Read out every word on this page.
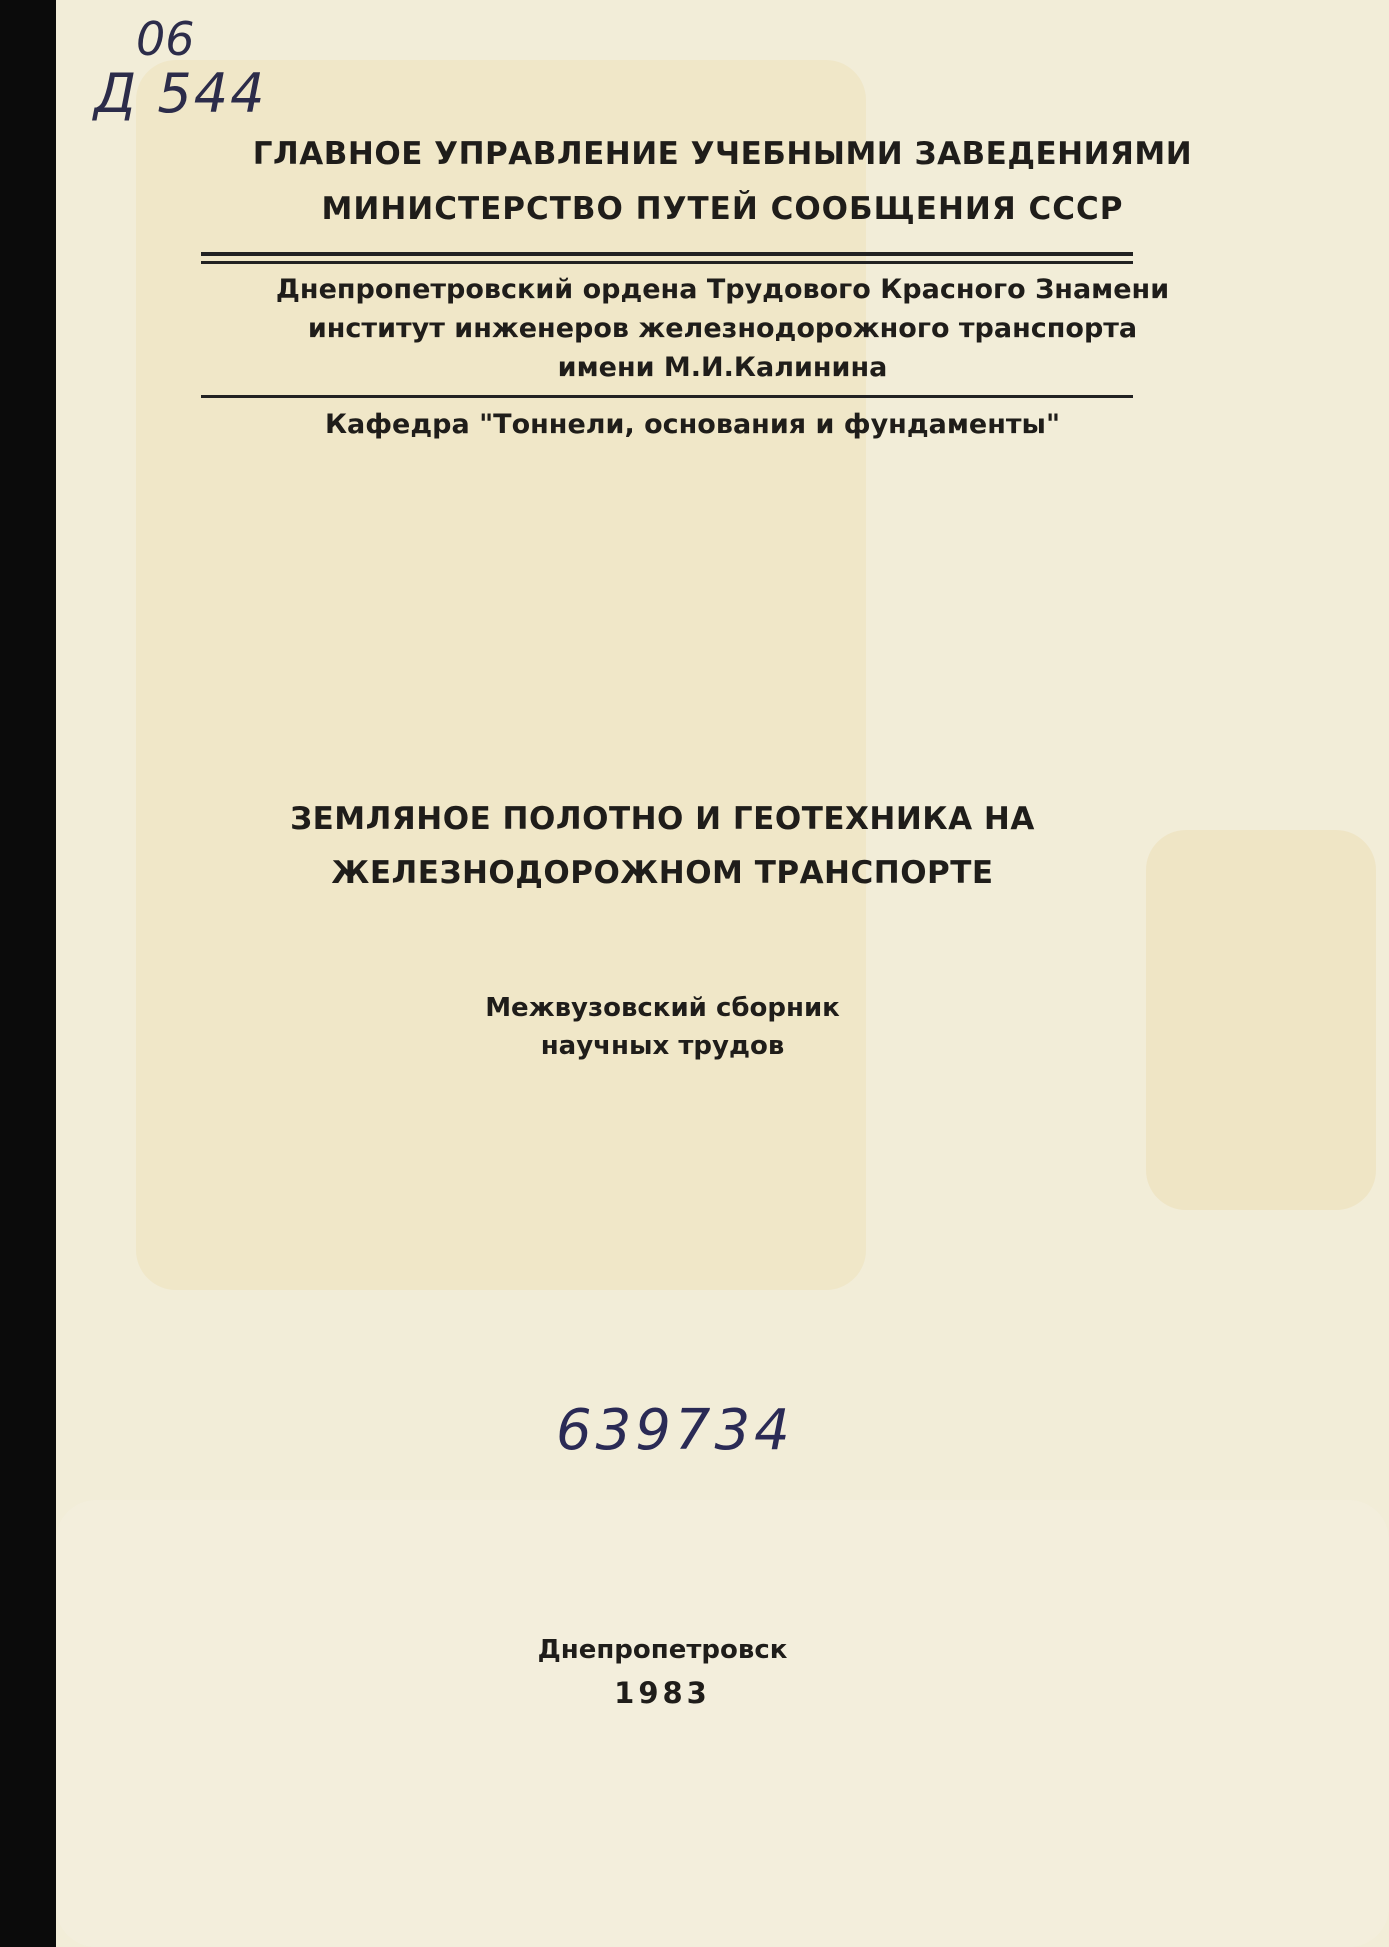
06
Д 544
ГЛАВНОЕ УПРАВЛЕНИЕ УЧЕБНЫМИ ЗАВЕДЕНИЯМИ
МИНИСТЕРСТВО ПУТЕЙ СООБЩЕНИЯ СССР
Днепропетровский ордена Трудового Красного Знамени
институт инженеров железнодорожного транспорта
имени М.И.Калинина
Кафедра "Тоннели, основания и фундаменты"
ЗЕМЛЯНОЕ ПОЛОТНО И ГЕОТЕХНИКА НА
ЖЕЛЕЗНОДОРОЖНОМ ТРАНСПОРТЕ
Межвузовский сборник
научных трудов
639734
Днепропетровск
1983
